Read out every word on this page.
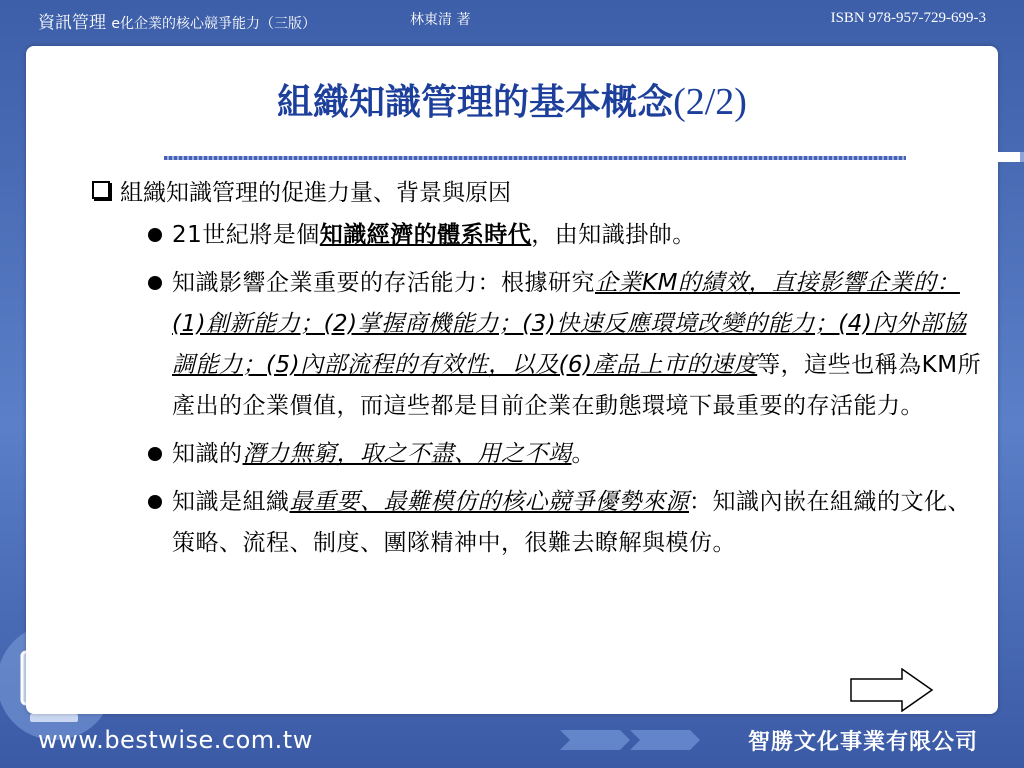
資訊管理 e化企業的核心競爭能力（三版）	林東清 著	ISBN 978-957-729-699-3
組織知識管理的基本概念(2/2)
組織知識管理的促進力量、背景與原因
21世紀將是個知識經濟的體系時代，由知識掛帥。
知識影響企業重要的存活能力：根據研究企業KM的績效，直接影響企業的：(1)創新能力；(2)掌握商機能力；(3)快速反應環境改變的能力；(4)內外部協調能力；(5)內部流程的有效性，以及(6)產品上市的速度等，這些也稱為KM所產出的企業價值，而這些都是目前企業在動態環境下最重要的存活能力。
知識的潛力無窮，取之不盡、用之不竭。
知識是組織最重要、最難模仿的核心競爭優勢來源：知識內嵌在組織的文化、策略、流程、制度、團隊精神中，很難去瞭解與模仿。
www.bestwise.com.tw	智勝文化事業有限公司
